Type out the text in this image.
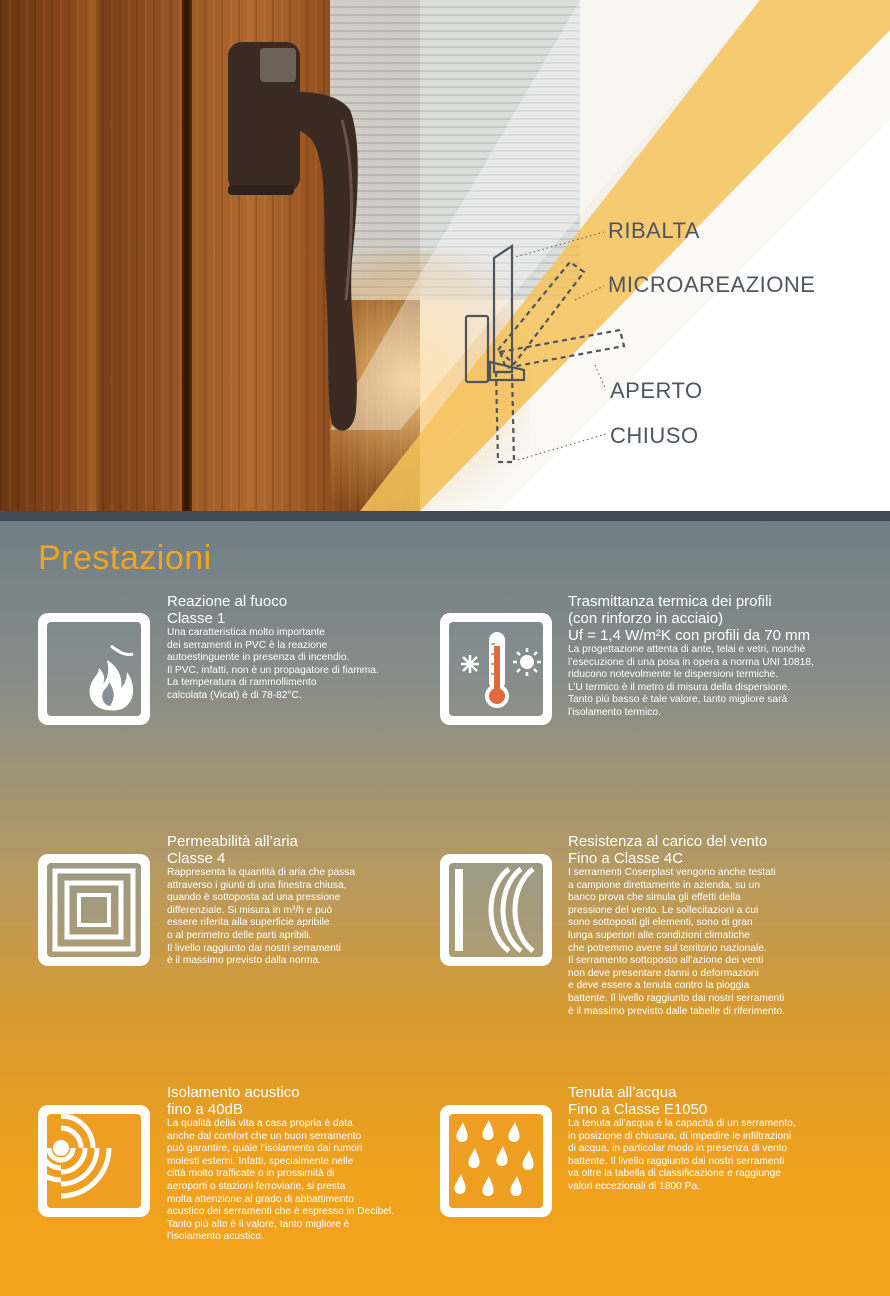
RIBALTA
MICROAREAZIONE
APERTO
CHIUSO
Prestazioni
Reazione al fuoco
Classe 1
Una caratteristica molto importante
dei serramenti in PVC è la reazione
autoestinguente in presenza di incendio.
Il PVC, infatti, non è un propagatore di fiamma.
La temperatura di rammollimento
calcolata (Vicat) è di 78-82°C.
Trasmittanza termica dei profili
(con rinforzo in acciaio)
Uf = 1,4 W/m²K con profili da 70 mm
La progettazione attenta di ante, telai e vetri, nonchè
l’esecuzione di una posa in opera a norma UNI 10818,
riducono notevolmente le dispersioni termiche.
L’U termico è il metro di misura della dispersione.
Tanto più basso è tale valore, tanto migliore sarà
l’isolamento termico.
Permeabilità all’aria
Classe 4
Rappresenta la quantità di aria che passa
attraverso i giunti di una finestra chiusa,
quando è sottoposta ad una pressione
differenziale. Si misura in m³/h e può
essere riferita alla superficie apribile
o al perimetro delle parti apribili.
Il livello raggiunto dai nostri serramenti
è il massimo previsto dalla norma.
Resistenza al carico del vento
Fino a Classe 4C
I serramenti Coserplast vengono anche testati
a campione direttamente in azienda, su un
banco prova che simula gli effetti della
pressione del vento. Le sollecitazioni a cui
sono sottoposti gli elementi, sono di gran
lunga superiori alle condizioni climatiche
che potremmo avere sul territorio nazionale.
Il serramento sottoposto all’azione dei venti
non deve presentare danni o deformazioni
e deve essere a tenuta contro la pioggia
battente. Il livello raggiunto dai nostri serramenti
è il massimo previsto dalle tabelle di riferimento.
Isolamento acustico
fino a 40dB
La qualità della vita a casa propria è data
anche dal comfort che un buon serramento
può garantire, quale l’isolamento dai rumori
molesti esterni. Infatti, specialmente nelle
città molto trafficate o in prossimità di
aeroporti o stazioni ferroviarie, si presta
molta attenzione al grado di abbattimento
acustico dei serramenti che è espresso in Decibel.
Tanto più alto è il valore, tanto migliore è
l’isolamento acustico.
Tenuta all’acqua
Fino a Classe E1050
La tenuta all’acqua è la capacità di un serramento,
in posizione di chiusura, di impedire le infiltrazioni
di acqua, in particolar modo in presenza di vento
battente. Il livello raggiunto dai nostri serramenti
va oltre la tabella di classificazione e raggiunge
valori eccezionali di 1800 Pa.
